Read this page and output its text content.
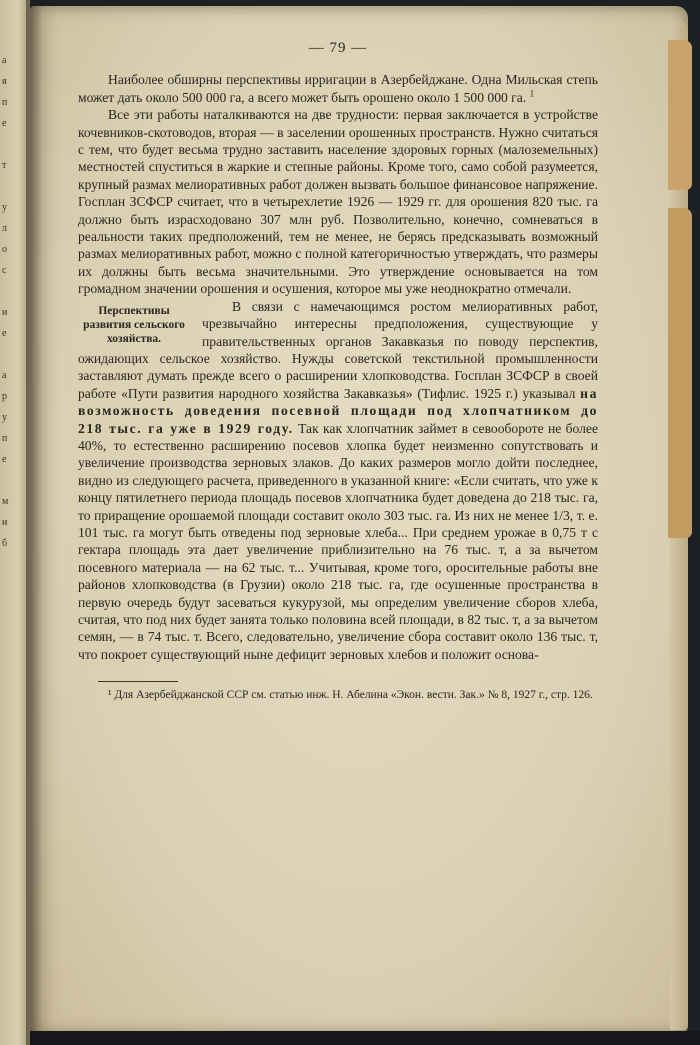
а
я
п
е

т

у
л
о
с

и
е

а
р
у
п
е

м
и
б
— 79 —

Наиболее обширны перспективы ирригации в Азербейджане. Одна Мильская степь может дать около 500 000 га, а всего может быть орошено около 1 500 000 га. $^1$

Все эти работы наталкиваются на две трудности: первая заключается в устройстве кочевников-скотоводов, вторая — в заселении орошенных пространств. Нужно считаться с тем, что будет весьма трудно заставить население здоровых горных (малоземельных) местностей спуститься в жаркие и степные районы. Кроме того, само собой разумеется, крупный размах мелиоративных работ должен вызвать большое финансовое напряжение. Госплан ЗСФСР считает, что в четырехлетие 1926 — 1929 гг. для орошения 820 тыс. га должно быть израсходовано 307 млн руб. Позволительно, конечно, сомневаться в реальности таких предположений, тем не менее, не берясь предсказывать возможный размах мелиоративных работ, можно с полной категоричностью утверждать, что размеры их должны быть весьма значительными. Это утверждение основывается на том громадном значении орошения и осушения, которое мы уже неоднократно отмечали.

Перспективы развития сельского хозяйства.

В связи с намечающимся ростом мелиоративных работ, чрезвычайно интересны предположения, существующие у правительственных органов Закавказья по поводу перспектив, ожидающих сельское хозяйство. Нужды советской текстильной промышленности заставляют думать прежде всего о расширении хлопководства. Госплан ЗСФСР в своей работе «Пути развития народного хозяйства Закавказья» (Тифлис. 1925 г.) указывал на возможность доведения посевной площади под хлопчатником до 218 тыс. га уже в 1929 году. Так как хлопчатник займет в севообороте не более 40%, то естественно расширению посевов хлопка будет неизменно сопутствовать и увеличение производства зерновых злаков. До каких размеров могло дойти последнее, видно из следующего расчета, приведенного в указанной книге: «Если считать, что уже к концу пятилетнего периода площадь посевов хлопчатника будет доведена до 218 тыс. га, то приращение орошаемой площади составит около 303 тыс. га. Из них не менее 1/3, т. е. 101 тыс. га могут быть отведены под зерновые хлеба... При среднем урожае в 0,75 т с гектара площадь эта дает увеличение приблизительно на 76 тыс. т, а за вычетом посевного материала — на 62 тыс. т... Учитывая, кроме того, оросительные работы вне районов хлопководства (в Грузии) около 218 тыс. га, где осушенные пространства в первую очередь будут засеваться кукурузой, мы определим увеличение сборов хлеба, считая, что под них будет занята только половина всей площади, в 82 тыс. т, а за вычетом семян, — в 74 тыс. т. Всего, следовательно, увеличение сбора составит около 136 тыс. т, что покроет существующий ныне дефицит зерновых хлебов и положит основа-

¹ Для Азербейджанской ССР см. статью инж. Н. Абелина «Экон. вести. Зак.» № 8, 1927 г., стр. 126.
